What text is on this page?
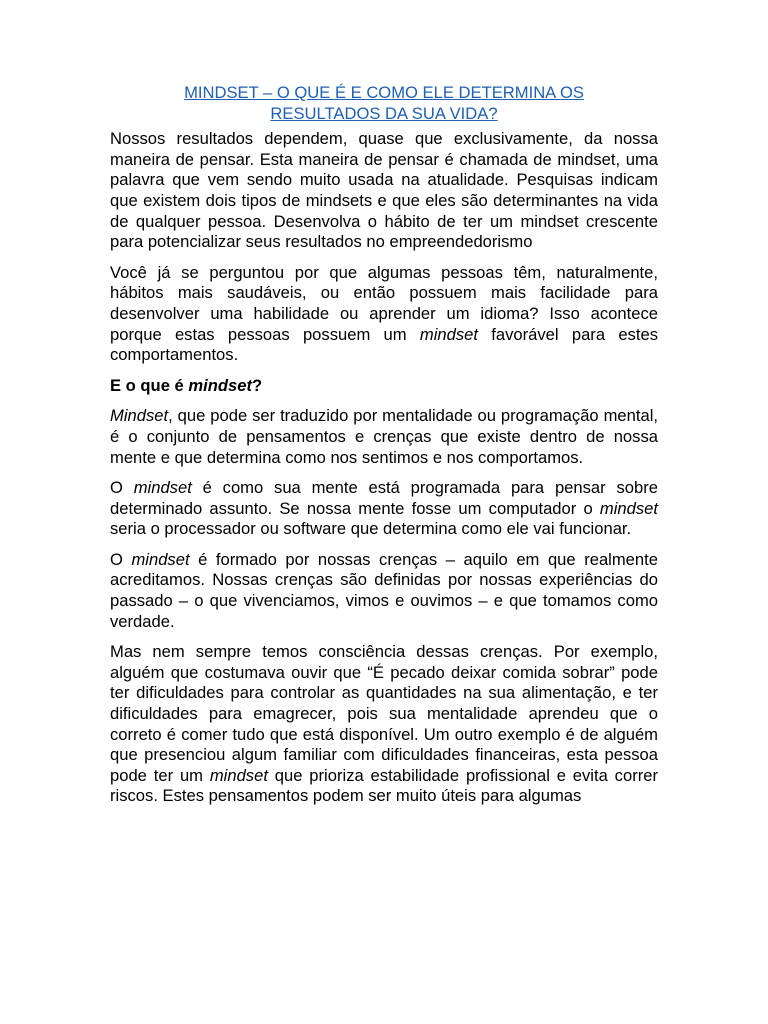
MINDSET – O QUE É E COMO ELE DETERMINA OS RESULTADOS DA SUA VIDA?
Nossos resultados dependem, quase que exclusivamente, da nossa maneira de pensar. Esta maneira de pensar é chamada de mindset, uma palavra que vem sendo muito usada na atualidade. Pesquisas indicam que existem dois tipos de mindsets e que eles são determinantes na vida de qualquer pessoa. Desenvolva o hábito de ter um mindset crescente para potencializar seus resultados no empreendedorismo
Você já se perguntou por que algumas pessoas têm, naturalmente, hábitos mais saudáveis, ou então possuem mais facilidade para desenvolver uma habilidade ou aprender um idioma? Isso acontece porque estas pessoas possuem um mindset favorável para estes comportamentos.
E o que é mindset?
Mindset, que pode ser traduzido por mentalidade ou programação mental, é o conjunto de pensamentos e crenças que existe dentro de nossa mente e que determina como nos sentimos e nos comportamos.
O mindset é como sua mente está programada para pensar sobre determinado assunto. Se nossa mente fosse um computador o mindset seria o processador ou software que determina como ele vai funcionar.
O mindset é formado por nossas crenças – aquilo em que realmente acreditamos. Nossas crenças são definidas por nossas experiências do passado – o que vivenciamos, vimos e ouvimos – e que tomamos como verdade.
Mas nem sempre temos consciência dessas crenças. Por exemplo, alguém que costumava ouvir que “É pecado deixar comida sobrar” pode ter dificuldades para controlar as quantidades na sua alimentação, e ter dificuldades para emagrecer, pois sua mentalidade aprendeu que o correto é comer tudo que está disponível. Um outro exemplo é de alguém que presenciou algum familiar com dificuldades financeiras, esta pessoa pode ter um mindset que prioriza estabilidade profissional e evita correr riscos. Estes pensamentos podem ser muito úteis para algumas
